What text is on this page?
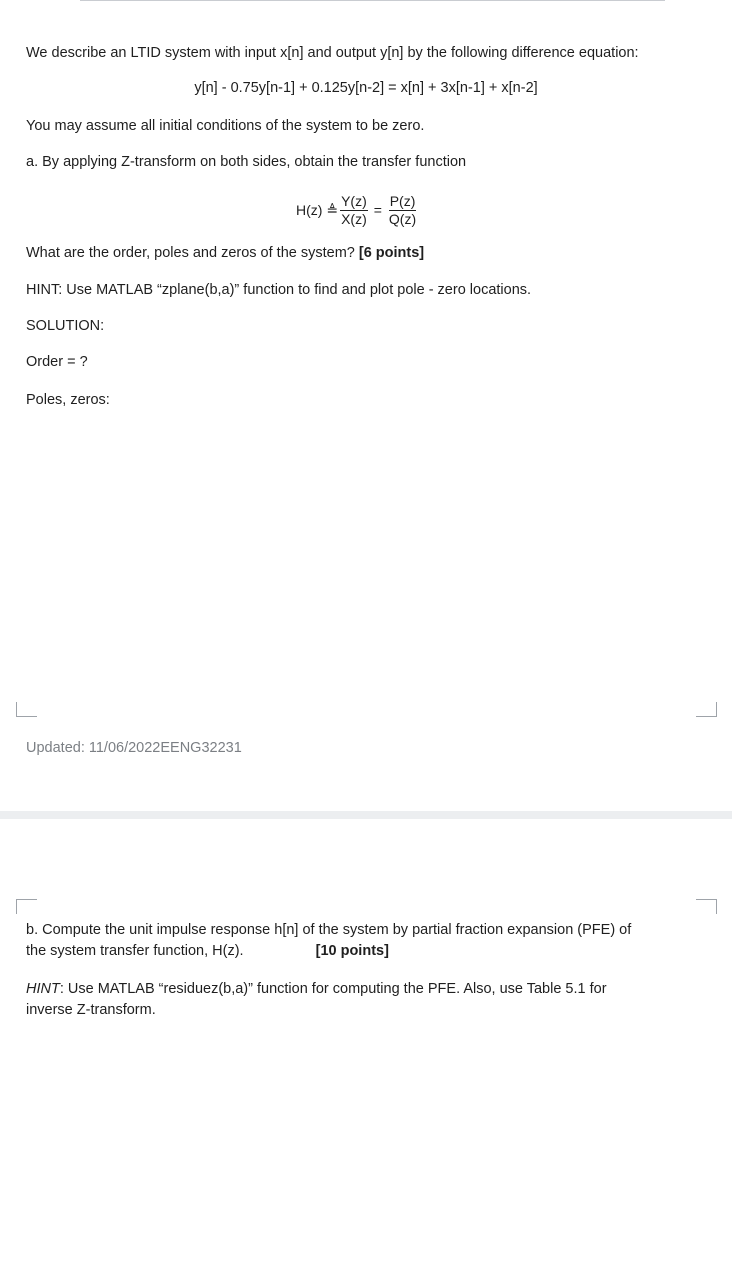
We describe an LTID system with input x[n] and output y[n] by the following difference equation:
y[n] - 0.75y[n-1] + 0.125y[n-2] = x[n] + 3x[n-1] + x[n-2]
You may assume all initial conditions of the system to be zero.
a. By applying Z-transform on both sides, obtain the transfer function
H(z) ≜ $\frac{Y(z)}{X(z)} = \frac{P(z)}{Q(z)}$
What are the order, poles and zeros of the system? [6 points]
HINT: Use MATLAB “zplane(b,a)” function to find and plot pole - zero locations.
SOLUTION:
Order = ?
Poles, zeros:
Updated: 11/06/2022EENG32231
b. Compute the unit impulse response h[n] of the system by partial fraction expansion (PFE) of
the system transfer function, H(z).	[10 points]
HINT: Use MATLAB “residuez(b,a)” function for computing the PFE. Also, use Table 5.1 for
inverse Z-transform.
